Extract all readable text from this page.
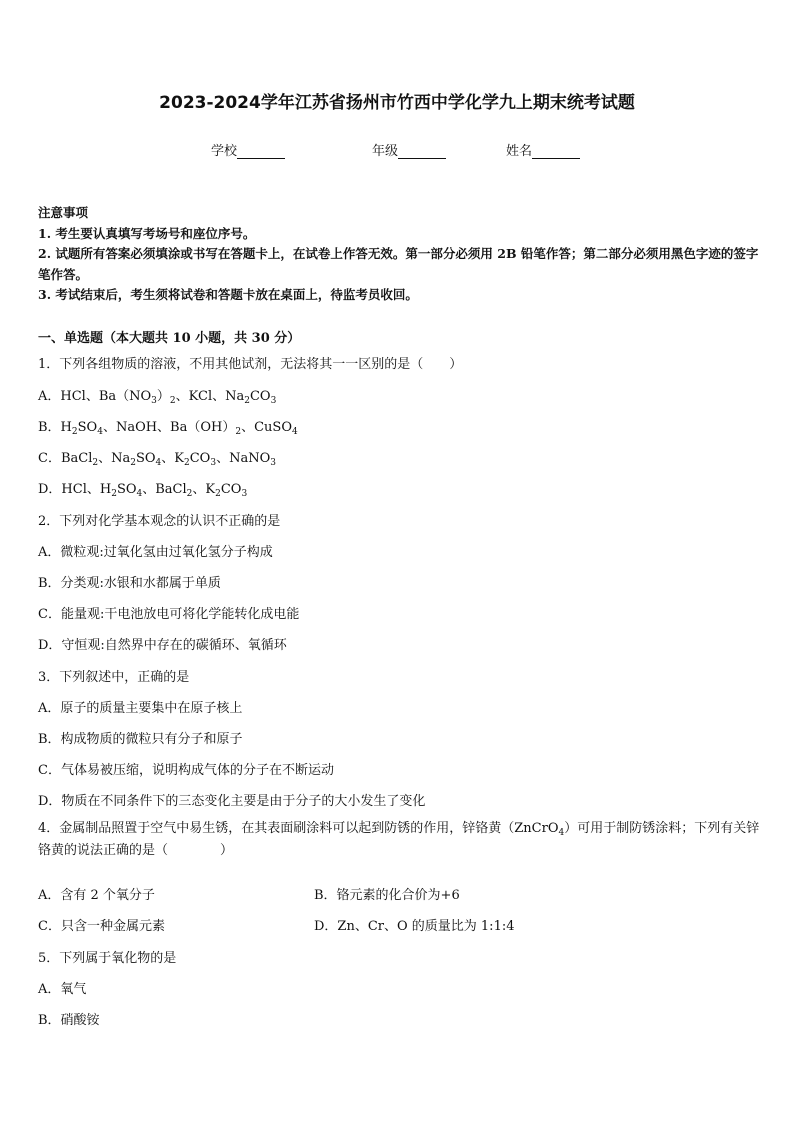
2023-2024学年江苏省扬州市竹西中学化学九上期末统考试题
学校	年级	姓名
注意事项
1. 考生要认真填写考场号和座位序号。
2. 试题所有答案必须填涂或书写在答题卡上，在试卷上作答无效。第一部分必须用 2B 铅笔作答；第二部分必须用黑色字迹的签字笔作答。
3. 考试结束后，考生须将试卷和答题卡放在桌面上，待监考员收回。
一、单选题（本大题共 10 小题，共 30 分）
1．下列各组物质的溶液，不用其他试剂，无法将其一一区别的是（　　）
A．HCl、$Ba(NO_3)_2$、KCl、$Na_2CO_3$
B．$H_2SO_4$、NaOH、$Ba(OH)_2$、CuSO$_4$
C．BaCl$_2$、$Na_2SO_4$、$K_2CO_3$、NaNO$_3$
D．HCl、$H_2SO_4$、BaCl$_2$、$K_2CO_3$
2．下列对化学基本观念的认识不正确的是
A．微粒观:过氧化氢由过氧化氢分子构成
B．分类观:水银和水都属于单质
C．能量观:干电池放电可将化学能转化成电能
D．守恒观:自然界中存在的碳循环、氧循环
3．下列叙述中，正确的是
A．原子的质量主要集中在原子核上
B．构成物质的微粒只有分子和原子
C．气体易被压缩，说明构成气体的分子在不断运动
D．物质在不同条件下的三态变化主要是由于分子的大小发生了变化
4．金属制品照置于空气中易生锈，在其表面刷涂料可以起到防锈的作用，锌铬黄（ZnCrO$_4$）可用于制防锈涂料；下列有关锌铬黄的说法正确的是（　　　　）
A．含有 2 个氧分子	B．铬元素的化合价为+6
C．只含一种金属元素	D．Zn、Cr、O 的质量比为 1:1:4
5．下列属于氧化物的是
A．氧气
B．硝酸铵
